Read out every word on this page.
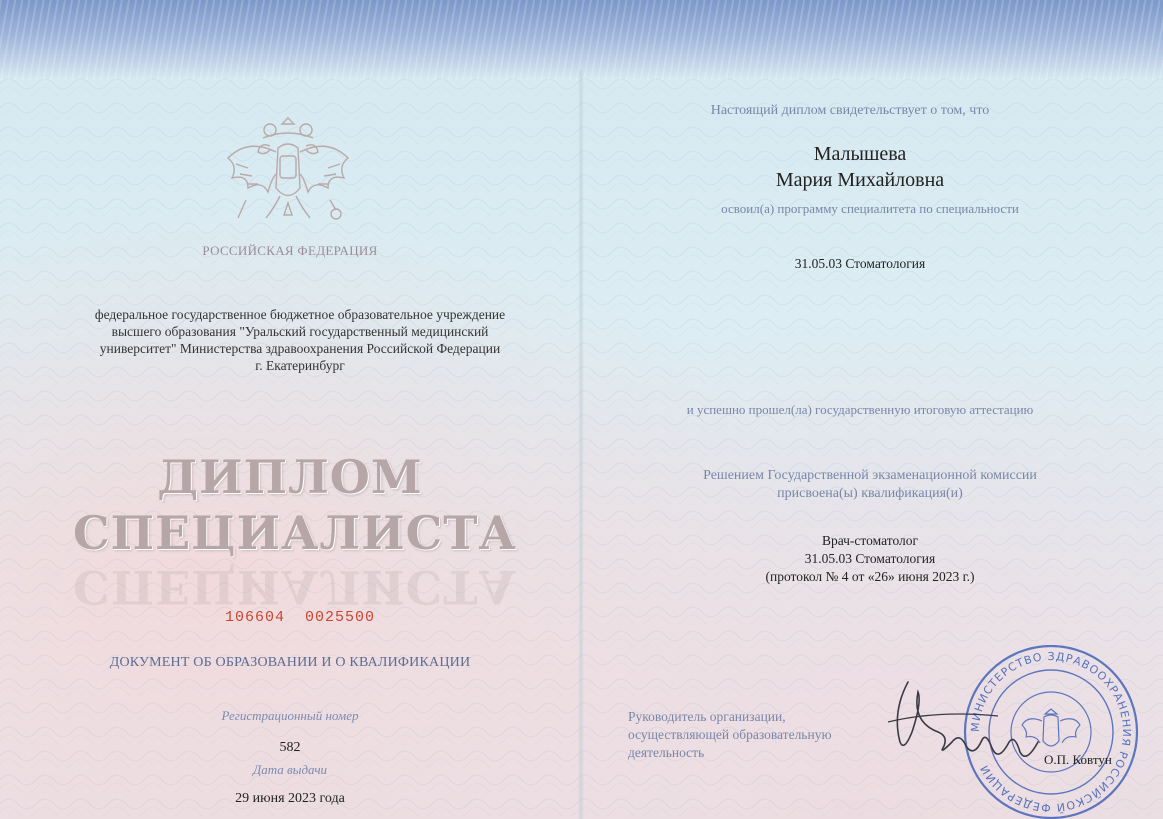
РОССИЙСКАЯ ФЕДЕРАЦИЯ
федеральное государственное бюджетное образовательное учреждение
высшего образования "Уральский государственный медицинский
университет" Министерства здравоохранения Российской Федерации
г. Екатеринбург
ДИПЛОМ
СПЕЦИАЛИСТА
СПЕЦИАЛИСТА
106604  0025500
ДОКУМЕНТ ОБ ОБРАЗОВАНИИ И О КВАЛИФИКАЦИИ
Регистрационный номер
582
Дата выдачи
29 июня 2023 года
Настоящий диплом свидетельствует о том, что
Малышева
Мария Михайловна
освоил(а) программу специалитета по специальности
31.05.03 Стоматология
и успешно прошел(ла) государственную итоговую аттестацию
Решением Государственной экзаменационной комиссии
присвоена(ы) квалификация(и)
Врач-стоматолог
31.05.03 Стоматология
(протокол № 4 от «26» июня 2023 г.)
Руководитель организации,
осуществляющей образовательную
деятельность
МИНИСТЕРСТВО ЗДРАВООХРАНЕНИЯ РОССИЙСКОЙ ФЕДЕРАЦИИ
О.П. Ковтун
